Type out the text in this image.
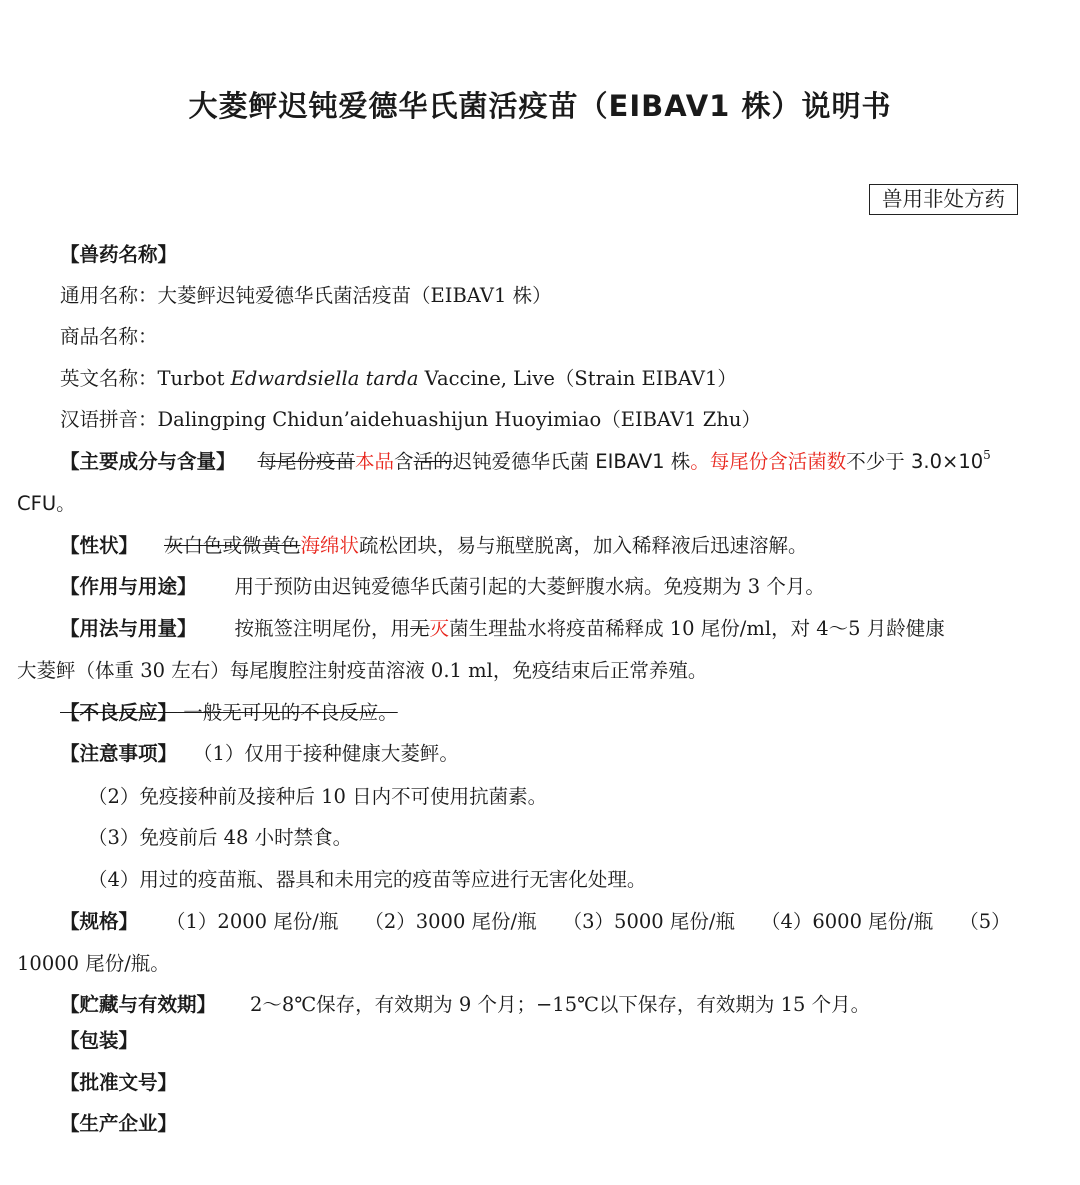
大菱鲆迟钝爱德华氏菌活疫苗（EIBAV1 株）说明书
兽用非处方药
【兽药名称】
通用名称：大菱鲆迟钝爱德华氏菌活疫苗（EIBAV1 株）
商品名称：
英文名称：Turbot Edwardsiella tarda Vaccine, Live（Strain EIBAV1）
汉语拼音：Dalingping Chidun’aidehuashijun Huoyimiao（EIBAV1 Zhu）
【主要成分与含量】 每尾份疫苗本品含活的迟钝爱德华氏菌 EIBAV1 株。每尾份含活菌数不少于 $3.0\times 10^5$
CFU。
【性状】 灰白色或微黄色海绵状疏松团块，易与瓶壁脱离，加入稀释液后迅速溶解。
【作用与用途】 用于预防由迟钝爱德华氏菌引起的大菱鲆腹水病。免疫期为 3 个月。
【用法与用量】 按瓶签注明尾份，用无灭菌生理盐水将疫苗稀释成 10 尾份/ml，对 4～5 月龄健康
大菱鲆（体重 30 左右）每尾腹腔注射疫苗溶液 0.1 ml，免疫结束后正常养殖。
【不良反应】 一般无可见的不良反应。
【注意事项】 （1）仅用于接种健康大菱鲆。
（2）免疫接种前及接种后 10 日内不可使用抗菌素。
（3）免疫前后 48 小时禁食。
（4）用过的疫苗瓶、器具和未用完的疫苗等应进行无害化处理。
【规格】 （1）2000 尾份/瓶 （2）3000 尾份/瓶 （3）5000 尾份/瓶 （4）6000 尾份/瓶 （5）
10000 尾份/瓶。
【贮藏与有效期】 2～8℃保存，有效期为 9 个月；−15℃以下保存，有效期为 15 个月。
【包装】
【批准文号】
【生产企业】
